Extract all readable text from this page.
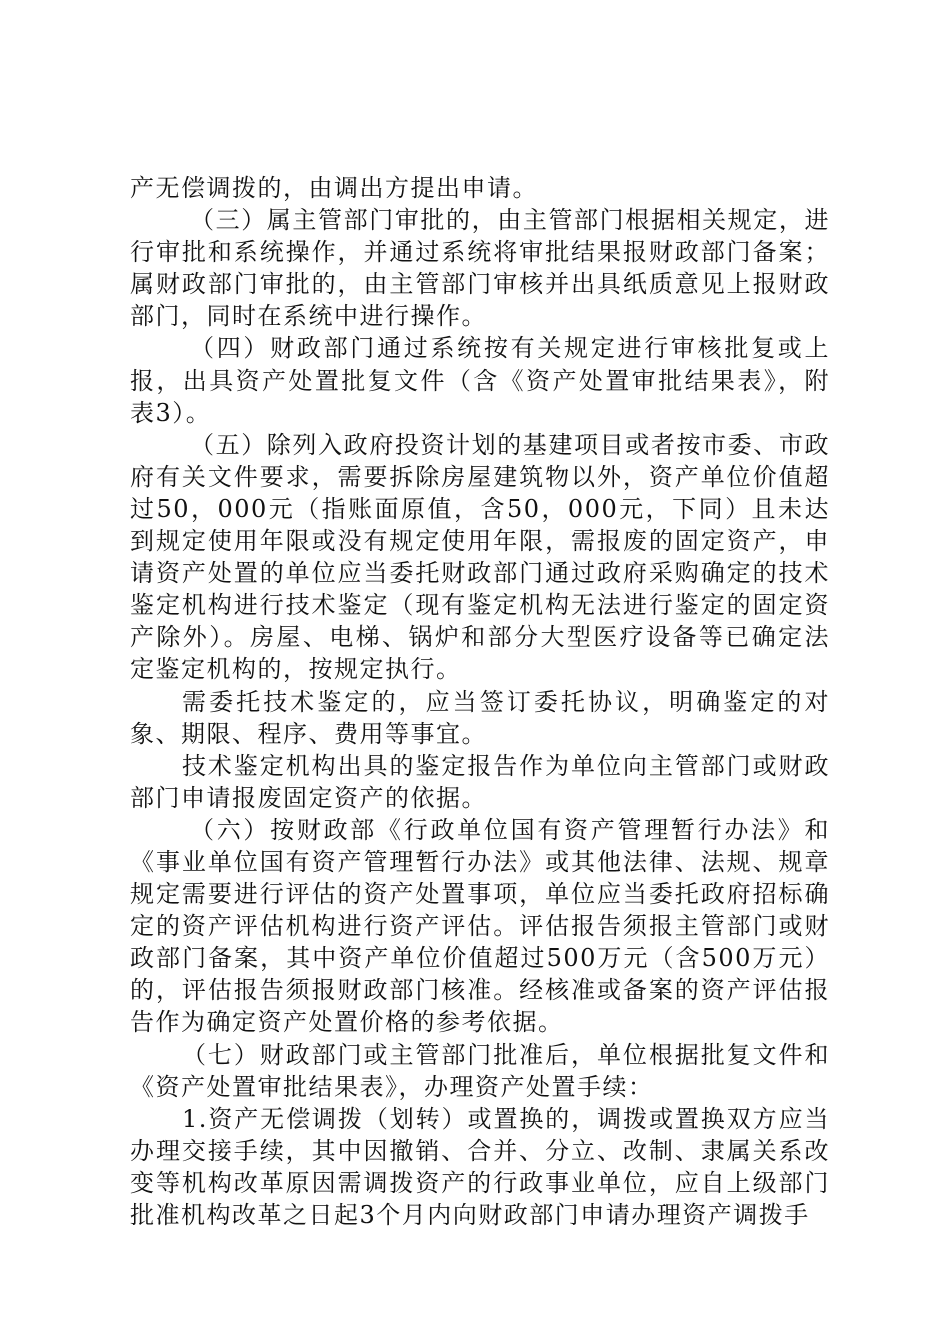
产无偿调拨的，由调出方提出申请。

（三）属主管部门审批的，由主管部门根据相关规定，进行审批和系统操作，并通过系统将审批结果报财政部门备案；属财政部门审批的，由主管部门审核并出具纸质意见上报财政部门，同时在系统中进行操作。

（四）财政部门通过系统按有关规定进行审核批复或上报，出具资产处置批复文件（含《资产处置审批结果表》，附表3）。

（五）除列入政府投资计划的基建项目或者按市委、市政府有关文件要求，需要拆除房屋建筑物以外，资产单位价值超过50，000元（指账面原值，含50，000元，下同）且未达到规定使用年限或没有规定使用年限，需报废的固定资产，申请资产处置的单位应当委托财政部门通过政府采购确定的技术鉴定机构进行技术鉴定（现有鉴定机构无法进行鉴定的固定资产除外）。房屋、电梯、锅炉和部分大型医疗设备等已确定法定鉴定机构的，按规定执行。

需委托技术鉴定的，应当签订委托协议，明确鉴定的对象、期限、程序、费用等事宜。

技术鉴定机构出具的鉴定报告作为单位向主管部门或财政部门申请报废固定资产的依据。

（六）按财政部《行政单位国有资产管理暂行办法》和《事业单位国有资产管理暂行办法》或其他法律、法规、规章规定需要进行评估的资产处置事项，单位应当委托政府招标确定的资产评估机构进行资产评估。评估报告须报主管部门或财政部门备案，其中资产单位价值超过500万元（含500万元）的，评估报告须报财政部门核准。经核准或备案的资产评估报告作为确定资产处置价格的参考依据。

（七）财政部门或主管部门批准后，单位根据批复文件和《资产处置审批结果表》，办理资产处置手续：

1.资产无偿调拨（划转）或置换的，调拨或置换双方应当办理交接手续，其中因撤销、合并、分立、改制、隶属关系改变等机构改革原因需调拨资产的行政事业单位，应自上级部门批准机构改革之日起3个月内向财政部门申请办理资产调拨手
